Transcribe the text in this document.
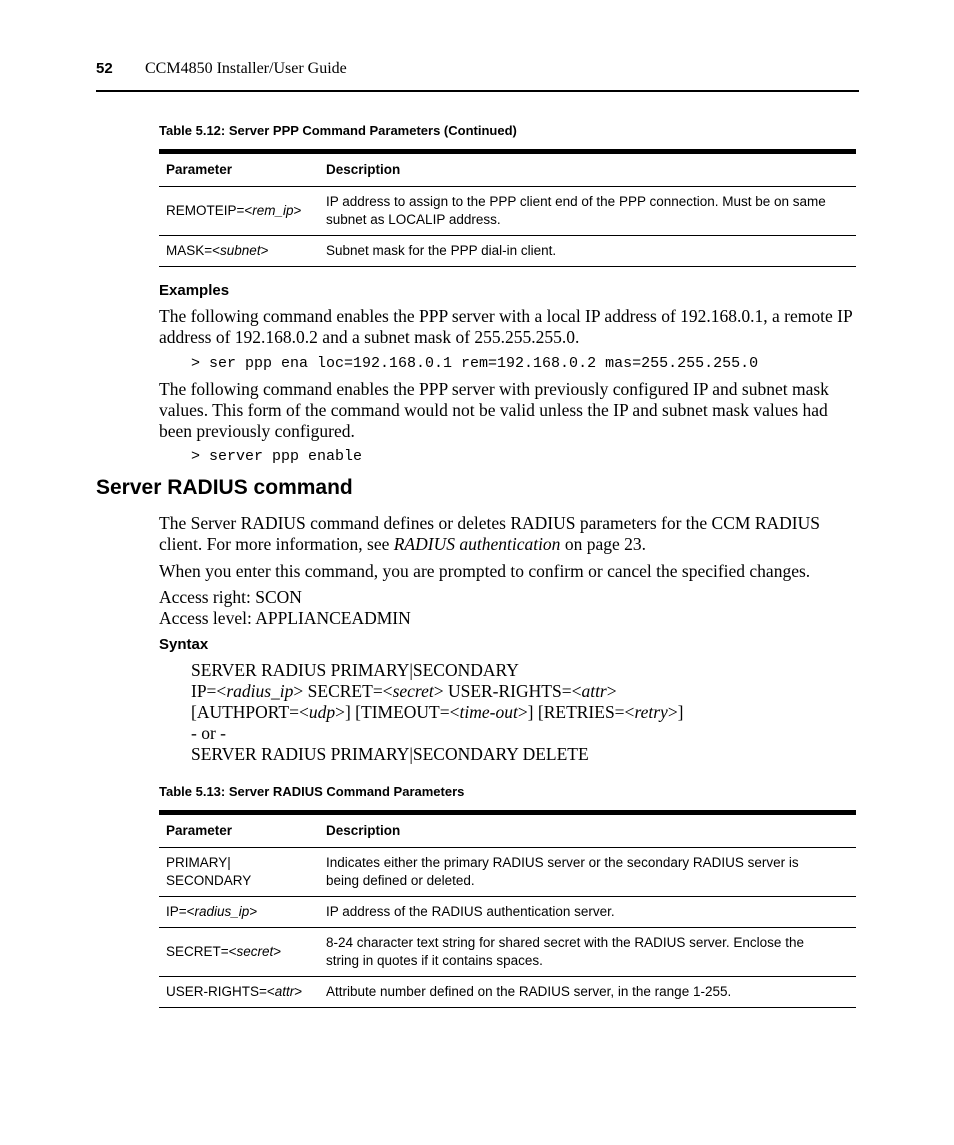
52 CCM4850 Installer/User Guide
Table 5.12: Server PPP Command Parameters (Continued)
Parameter	Description
REMOTEIP=<rem_ip>	IP address to assign to the PPP client end of the PPP connection. Must be on same
subnet as LOCALIP address.
MASK=<subnet>	Subnet mask for the PPP dial-in client.
Examples

The following command enables the PPP server with a local IP address of 192.168.0.1, a remote IP address of 192.168.0.2 and a subnet mask of 255.255.255.0.

> ser ppp ena loc=192.168.0.1 rem=192.168.0.2 mas=255.255.255.0

The following command enables the PPP server with previously configured IP and subnet mask values. This form of the command would not be valid unless the IP and subnet mask values had been previously configured.

> server ppp enable
Server RADIUS command

The Server RADIUS command defines or deletes RADIUS parameters for the CCM RADIUS client. For more information, see RADIUS authentication on page 23.

When you enter this command, you are prompted to confirm or cancel the specified changes.

Access right: SCON

Access level: APPLIANCEADMIN

Syntax
SERVER RADIUS PRIMARY|SECONDARY
IP=<radius_ip> SECRET=<secret> USER-RIGHTS=<attr>
[AUTHPORT=<udp>] [TIMEOUT=<time-out>] [RETRIES=<retry>]
- or -
SERVER RADIUS PRIMARY|SECONDARY DELETE
Table 5.13: Server RADIUS Command Parameters
Parameter	Description
PRIMARY|
SECONDARY	Indicates either the primary RADIUS server or the secondary RADIUS server is
being defined or deleted.
IP=<radius_ip>	IP address of the RADIUS authentication server.
SECRET=<secret>	8-24 character text string for shared secret with the RADIUS server. Enclose the
string in quotes if it contains spaces.
USER-RIGHTS=<attr>	Attribute number defined on the RADIUS server, in the range 1-255.
